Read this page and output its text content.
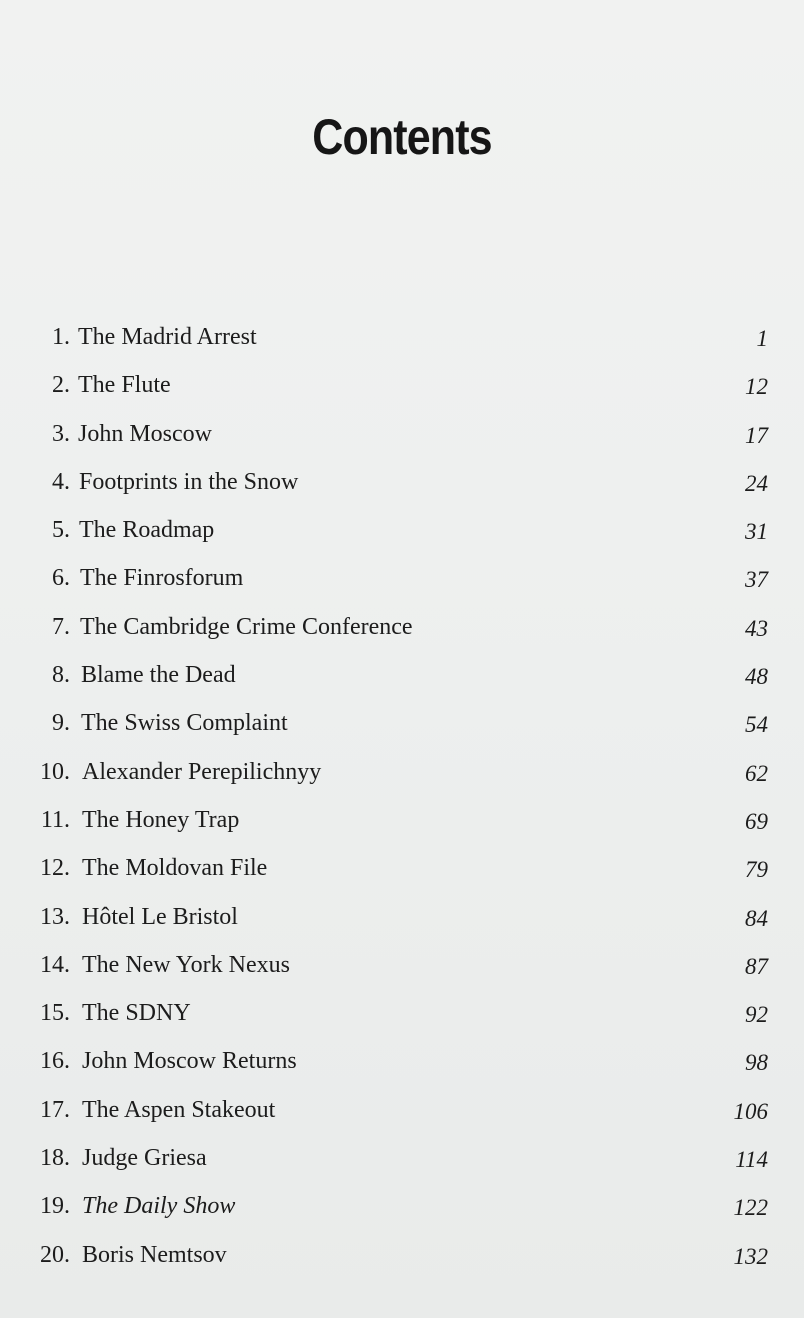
Contents
1. The Madrid Arrest	1
2. The Flute	12
3. John Moscow	17
4. Footprints in the Snow	24
5. The Roadmap	31
6. The Finrosforum	37
7. The Cambridge Crime Conference	43
8. Blame the Dead	48
9. The Swiss Complaint	54
10. Alexander Perepilichnyy	62
11. The Honey Trap	69
12. The Moldovan File	79
13. Hôtel Le Bristol	84
14. The New York Nexus	87
15. The SDNY	92
16. John Moscow Returns	98
17. The Aspen Stakeout	106
18. Judge Griesa	114
19. The Daily Show	122
20. Boris Nemtsov	132
